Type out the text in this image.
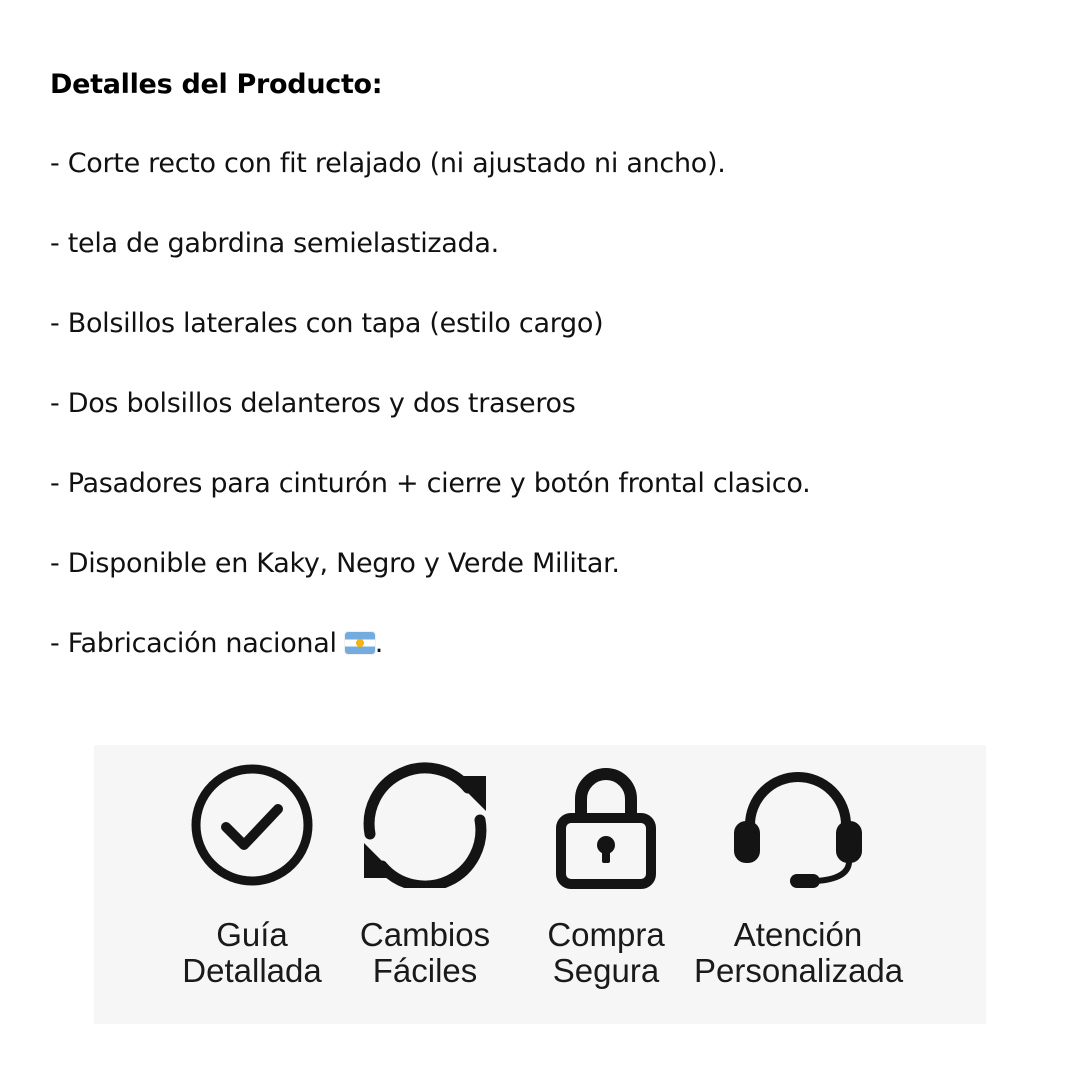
Detalles del Producto:
- Corte recto con fit relajado (ni ajustado ni ancho).
- tela de gabrdina semielastizada.
- Bolsillos laterales con tapa (estilo cargo)
- Dos bolsillos delanteros y dos traseros
- Pasadores para cinturón + cierre y botón frontal clasico.
- Disponible en Kaky, Negro y Verde Militar.
- Fabricación nacional .
Guía
Detallada
Cambios
Fáciles
Compra
Segura
Atención
Personalizada
